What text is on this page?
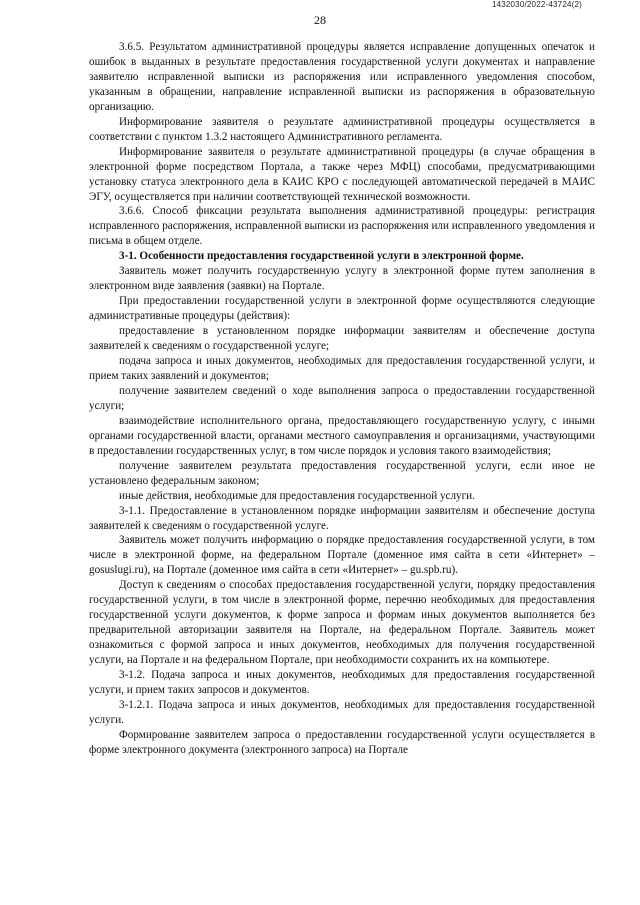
1432030/2022-43724(2)
28

3.6.5. Результатом административной процедуры является исправление допущенных опечаток и ошибок в выданных в результате предоставления государственной услуги документах и направление заявителю исправленной выписки из распоряжения или исправленного уведомления способом, указанным в обращении, направление исправленной выписки из распоряжения в образовательную организацию.

Информирование заявителя о результате административной процедуры осуществляется в соответствии с пунктом 1.3.2 настоящего Административного регламента.

Информирование заявителя о результате административной процедуры (в случае обращения в электронной форме посредством Портала, а также через МФЦ) способами, предусматривающими установку статуса электронного дела в КАИС КРО с последующей автоматической передачей в МАИС ЭГУ, осуществляется при наличии соответствующей технической возможности.

3.6.6. Способ фиксации результата выполнения административной процедуры: регистрация исправленного распоряжения, исправленной выписки из распоряжения или исправленного уведомления и письма в общем отделе.

3-1. Особенности предоставления государственной услуги в электронной форме.

Заявитель может получить государственную услугу в электронной форме путем заполнения в электронном виде заявления (заявки) на Портале.

При предоставлении государственной услуги в электронной форме осуществляются следующие административные процедуры (действия):

предоставление в установленном порядке информации заявителям и обеспечение доступа заявителей к сведениям о государственной услуге;

подача запроса и иных документов, необходимых для предоставления государственной услуги, и прием таких заявлений и документов;

получение заявителем сведений о ходе выполнения запроса о предоставлении государственной услуги;

взаимодействие исполнительного органа, предоставляющего государственную услугу, с иными органами государственной власти, органами местного самоуправления и организациями, участвующими в предоставлении государственных услуг, в том числе порядок и условия такого взаимодействия;

получение заявителем результата предоставления государственной услуги, если иное не установлено федеральным законом;

иные действия, необходимые для предоставления государственной услуги.

3-1.1. Предоставление в установленном порядке информации заявителям и обеспечение доступа заявителей к сведениям о государственной услуге.

Заявитель может получить информацию о порядке предоставления государственной услуги, в том числе в электронной форме, на федеральном Портале (доменное имя сайта в сети «Интернет» – gosuslugi.ru), на Портале (доменное имя сайта в сети «Интернет» – gu.spb.ru).

Доступ к сведениям о способах предоставления государственной услуги, порядку предоставления государственной услуги, в том числе в электронной форме, перечню необходимых для предоставления государственной услуги документов, к форме запроса и формам иных документов выполняется без предварительной авторизации заявителя на Портале, на федеральном Портале. Заявитель может ознакомиться с формой запроса и иных документов, необходимых для получения государственной услуги, на Портале и на федеральном Портале, при необходимости сохранить их на компьютере.

3-1.2. Подача запроса и иных документов, необходимых для предоставления государственной услуги, и прием таких запросов и документов.

3-1.2.1. Подача запроса и иных документов, необходимых для предоставления государственной услуги.

Формирование заявителем запроса о предоставлении государственной услуги осуществляется в форме электронного документа (электронного запроса) на Портале
